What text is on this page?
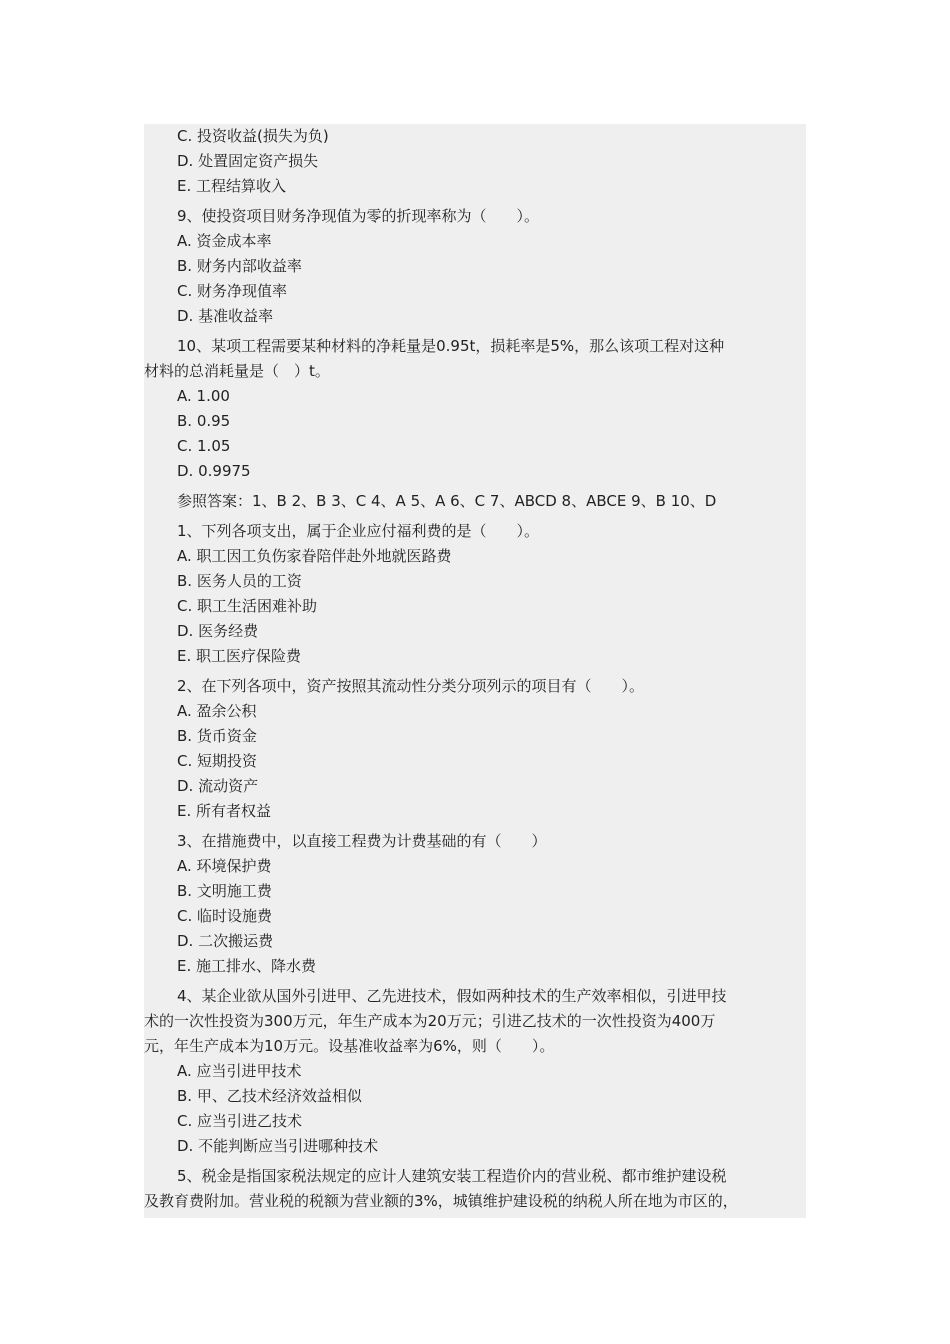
C. 投资收益(损失为负)
D. 处置固定资产损失
E. 工程结算收入
9、使投资项目财务净现值为零的折现率称为（　　）。
A. 资金成本率
B. 财务内部收益率
C. 财务净现值率
D. 基准收益率
10、某项工程需要某种材料的净耗量是0.95t，损耗率是5%，那么该项工程对这种
材料的总消耗量是（　）t。
A. 1.00
B. 0.95
C. 1.05
D. 0.9975
参照答案：1、B 2、B 3、C 4、A 5、A 6、C 7、ABCD 8、ABCE 9、B 10、D
1、下列各项支出，属于企业应付福利费的是（　　）。
A. 职工因工负伤家眷陪伴赴外地就医路费
B. 医务人员的工资
C. 职工生活困难补助
D. 医务经费
E. 职工医疗保险费
2、在下列各项中，资产按照其流动性分类分项列示的项目有（　　）。
A. 盈余公积
B. 货币资金
C. 短期投资
D. 流动资产
E. 所有者权益
3、在措施费中，以直接工程费为计费基础的有（　　）
A. 环境保护费
B. 文明施工费
C. 临时设施费
D. 二次搬运费
E. 施工排水、降水费
4、某企业欲从国外引进甲、乙先进技术，假如两种技术的生产效率相似，引进甲技
术的一次性投资为300万元，年生产成本为20万元；引进乙技术的一次性投资为400万
元，年生产成本为10万元。设基准收益率为6%，则（　　）。
A. 应当引进甲技术
B. 甲、乙技术经济效益相似
C. 应当引进乙技术
D. 不能判断应当引进哪种技术
5、税金是指国家税法规定的应计人建筑安装工程造价内的营业税、都市维护建设税
及教育费附加。营业税的税额为营业额的3%，城镇维护建设税的纳税人所在地为市区的，
